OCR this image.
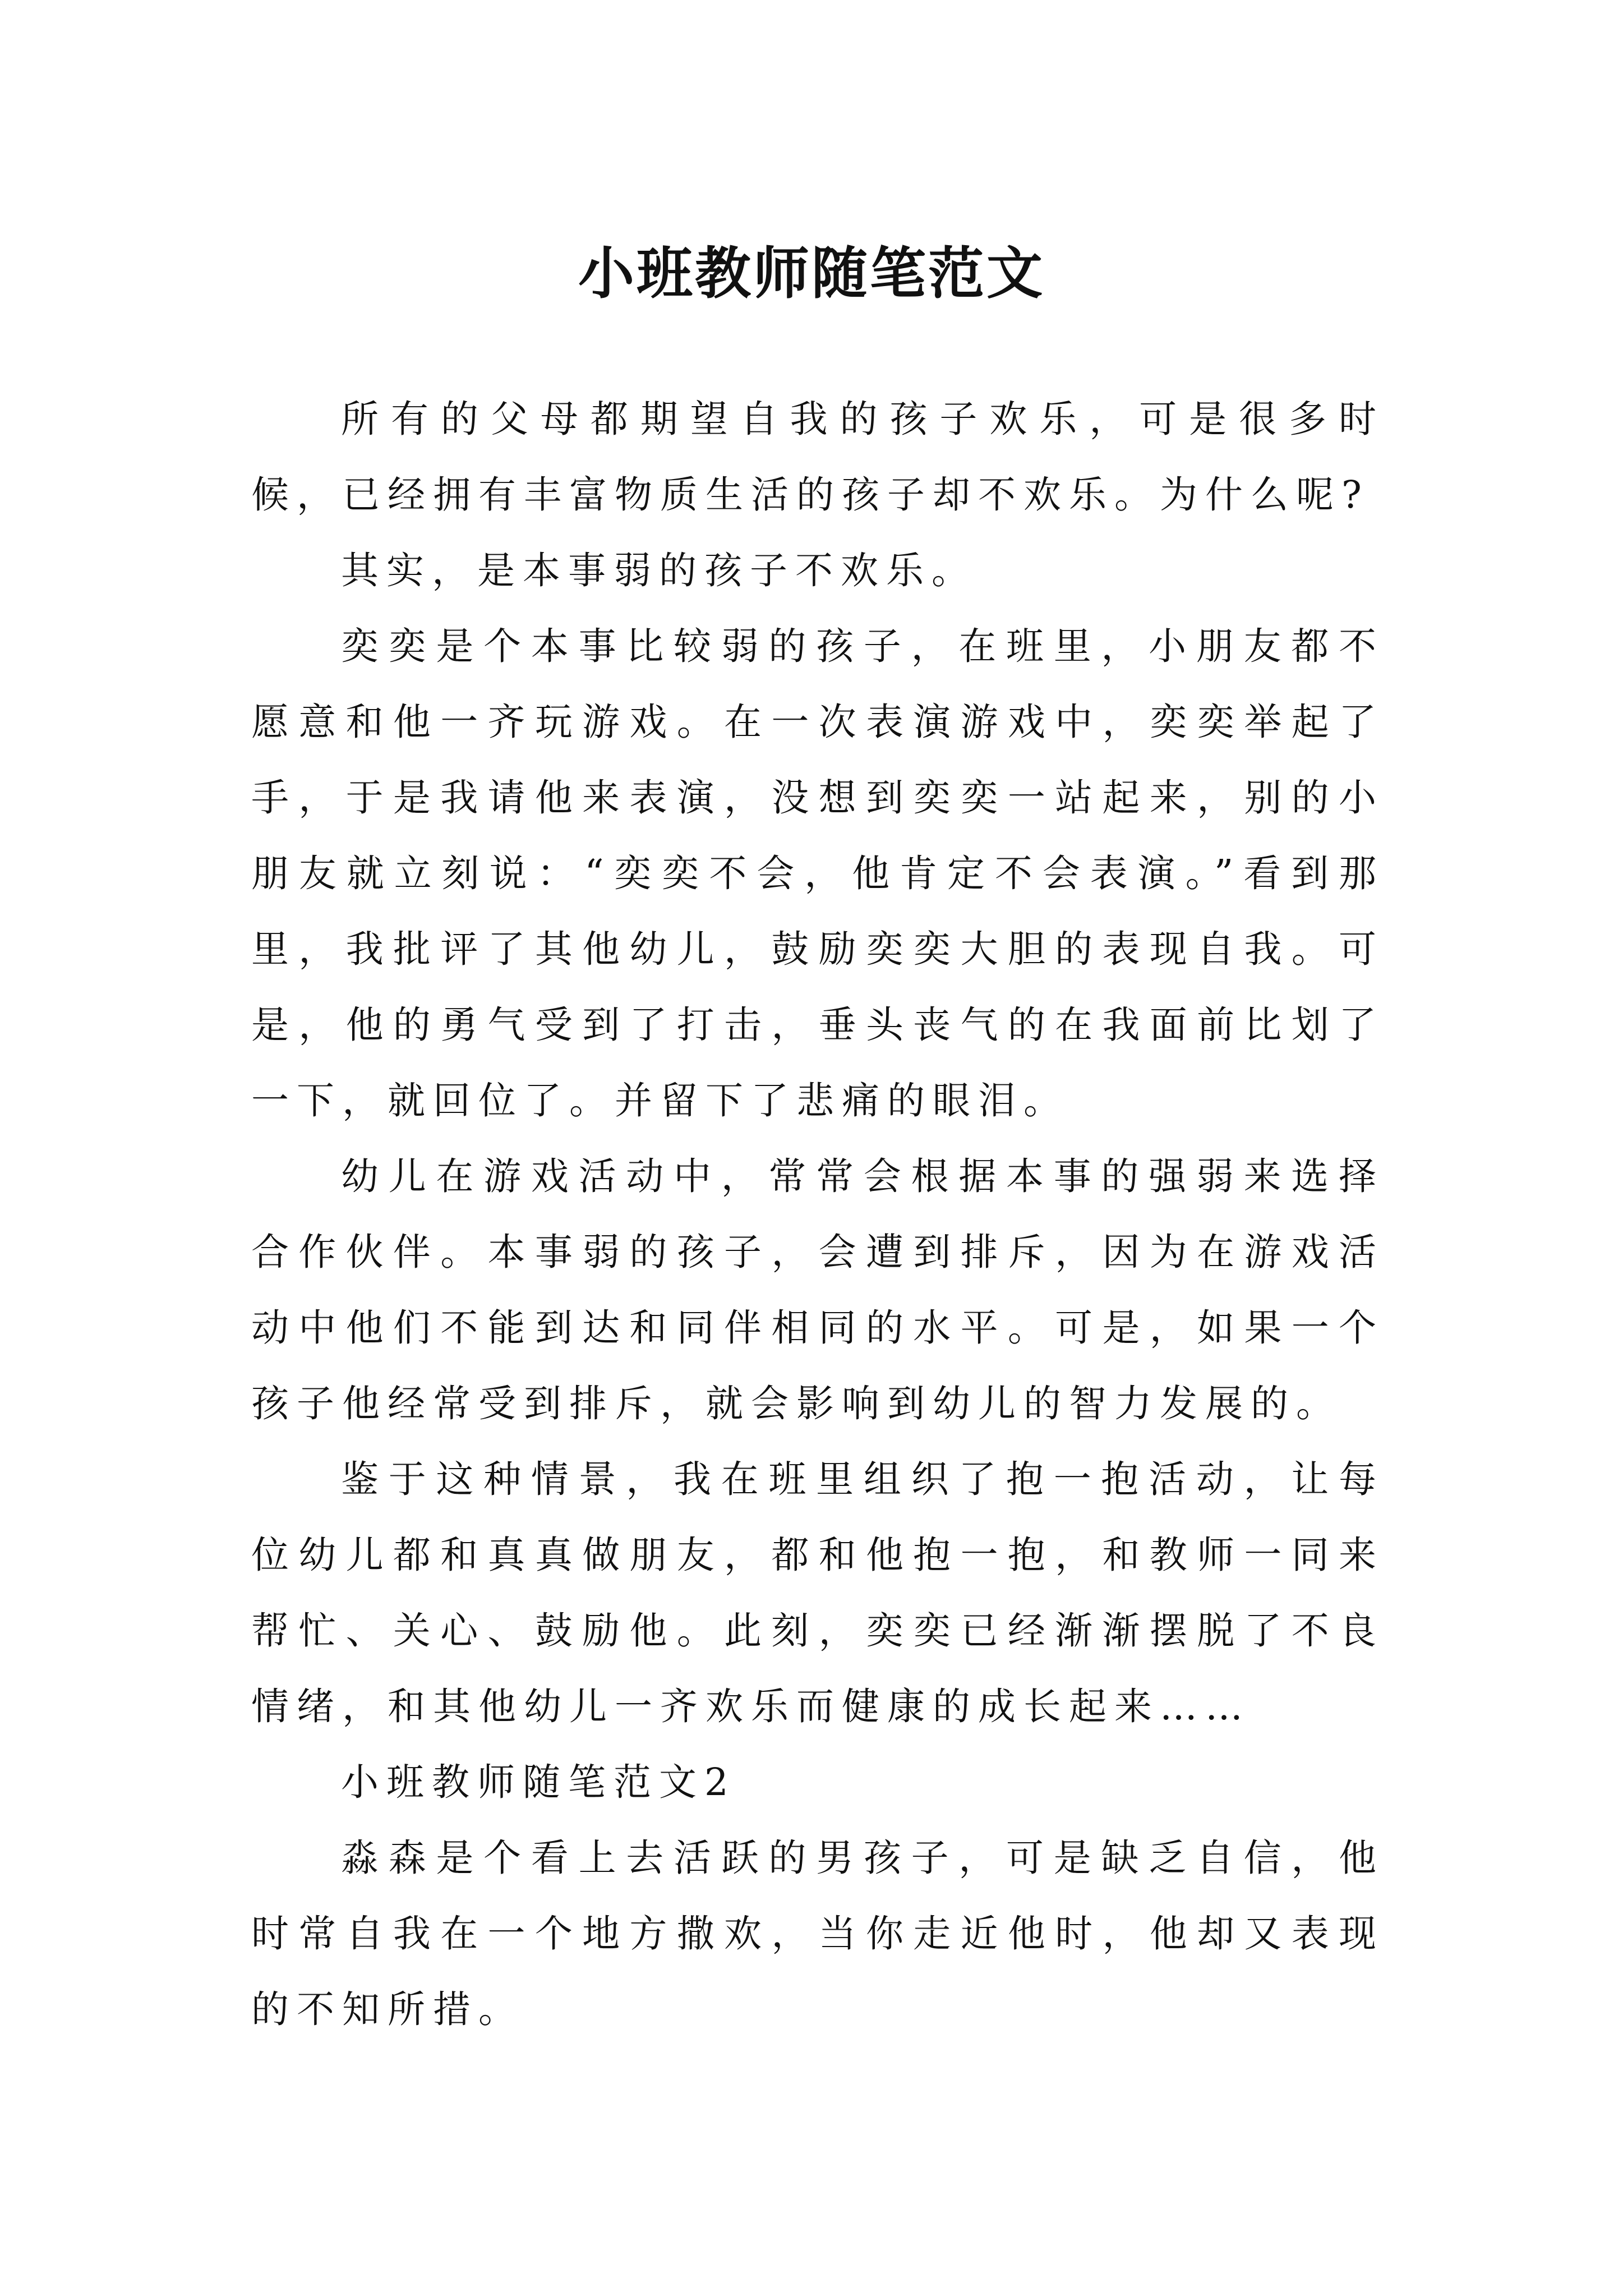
小班教师随笔范文

所有的父母都期望自我的孩子欢乐，可是很多时候，已经拥有丰富物质生活的孩子却不欢乐。为什么呢?

其实，是本事弱的孩子不欢乐。

奕奕是个本事比较弱的孩子，在班里，小朋友都不愿意和他一齐玩游戏。在一次表演游戏中，奕奕举起了手，于是我请他来表演，没想到奕奕一站起来，别的小朋友就立刻说：“奕奕不会，他肯定不会表演。”看到那里，我批评了其他幼儿，鼓励奕奕大胆的表现自我。可是，他的勇气受到了打击，垂头丧气的在我面前比划了一下，就回位了。并留下了悲痛的眼泪。

幼儿在游戏活动中，常常会根据本事的强弱来选择合作伙伴。本事弱的孩子，会遭到排斥，因为在游戏活动中他们不能到达和同伴相同的水平。可是，如果一个孩子他经常受到排斥，就会影响到幼儿的智力发展的。

鉴于这种情景，我在班里组织了抱一抱活动，让每位幼儿都和真真做朋友，都和他抱一抱，和教师一同来帮忙、关心、鼓励他。此刻，奕奕已经渐渐摆脱了不良情绪，和其他幼儿一齐欢乐而健康的成长起来……

小班教师随笔范文2

淼森是个看上去活跃的男孩子，可是缺乏自信，他时常自我在一个地方撒欢，当你走近他时，他却又表现的不知所措。
